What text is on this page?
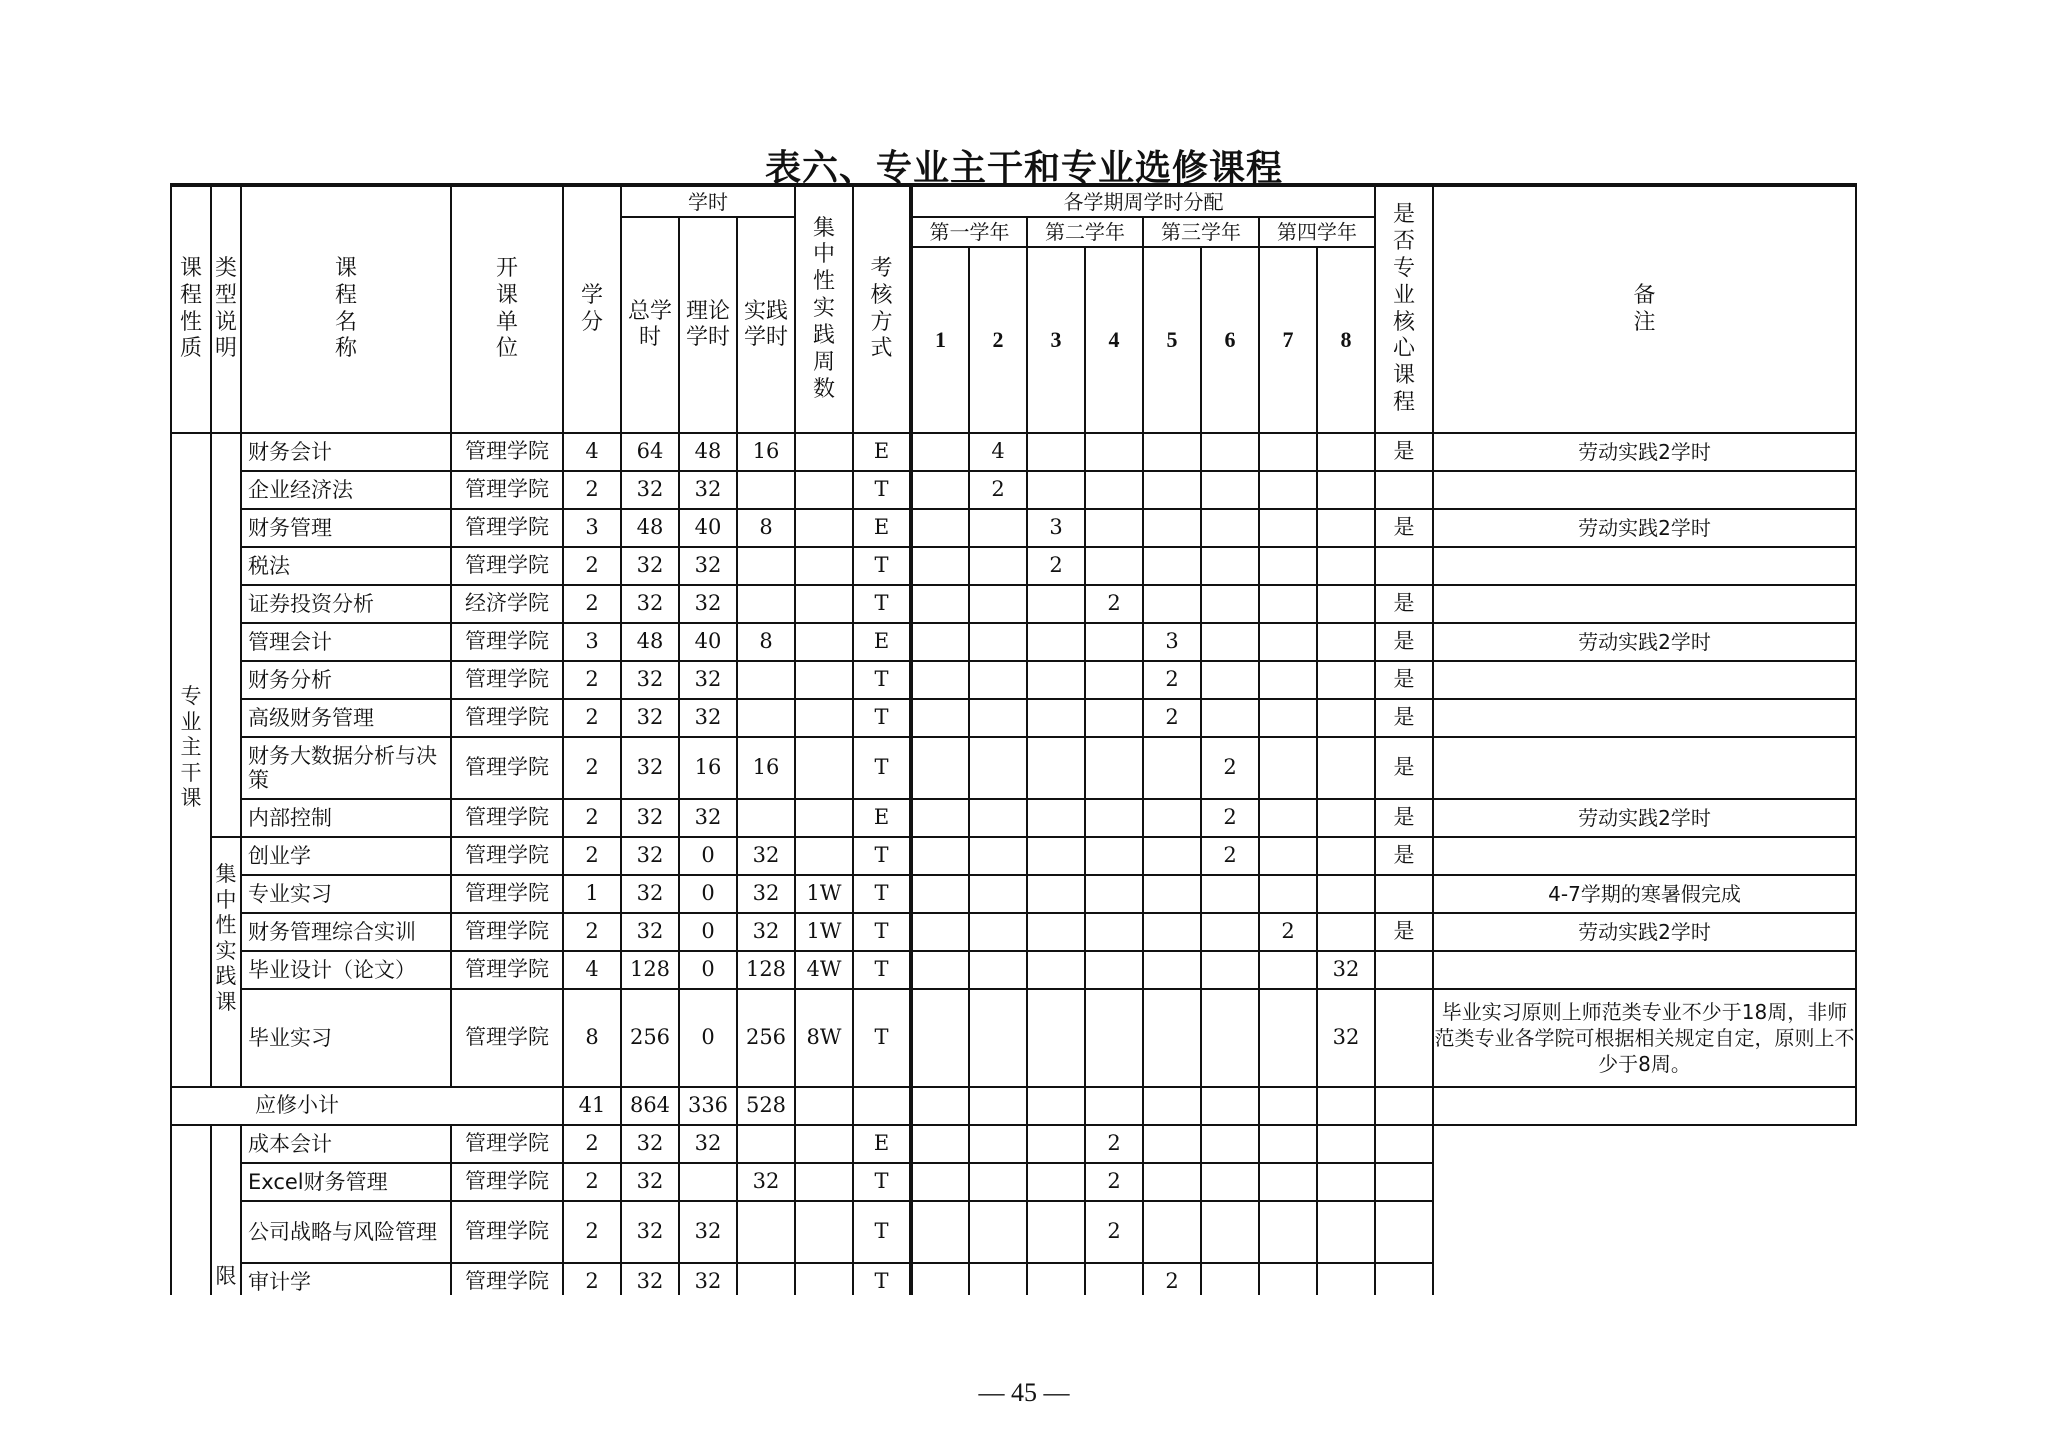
表六、专业主干和专业选修课程
课程性质	类型说明	课程名称	开课单位	学分	学时			集中性实践周数	考核方式	各学期周学时分配								是否专业核心课程	备注

					总学时	理论学时	实践学时			第一学年		第二学年		第三学年		第四学年			
										1	2	3	4	5	6	7	8		

专业主干课		财务会计	管理学院	4	64	48	16		E		4							是	劳动实践2学时
		企业经济法	管理学院	2	32	32			T		2								
		财务管理	管理学院	3	48	40	8		E			3						是	劳动实践2学时
		税法	管理学院	2	32	32			T			2							
		证券投资分析	经济学院	2	32	32			T				2					是	
		管理会计	管理学院	3	48	40	8		E					3				是	劳动实践2学时
		财务分析	管理学院	2	32	32			T					2				是	
		高级财务管理	管理学院	2	32	32			T					2				是	
		财务大数据分析与决策	管理学院	2	32	16	16		T						2			是	
		内部控制	管理学院	2	32	32			E						2			是	劳动实践2学时

	集中性实践课	创业学	管理学院	2	32	0	32		T						2			是	
		专业实习	管理学院	1	32	0	32	1W	T										4-7学期的寒暑假完成
		财务管理综合实训	管理学院	2	32	0	32	1W	T							2		是	劳动实践2学时
		毕业设计（论文）	管理学院	4	128	0	128	4W	T								32		
		毕业实习	管理学院	8	256	0	256	8W	T								32		毕业实习原则上师范类专业不少于18周，非师范类专业各学院可根据相关规定自定，原则上不少于8周。
应修小计				41	864	336	528												

	限	成本会计	管理学院	2	32	32			E				2						
		Excel财务管理	管理学院	2	32		32		T				2						
		公司战略与风险管理	管理学院	2	32	32			T				2						
		审计学	管理学院	2	32	32			T					2					
— 45 —
